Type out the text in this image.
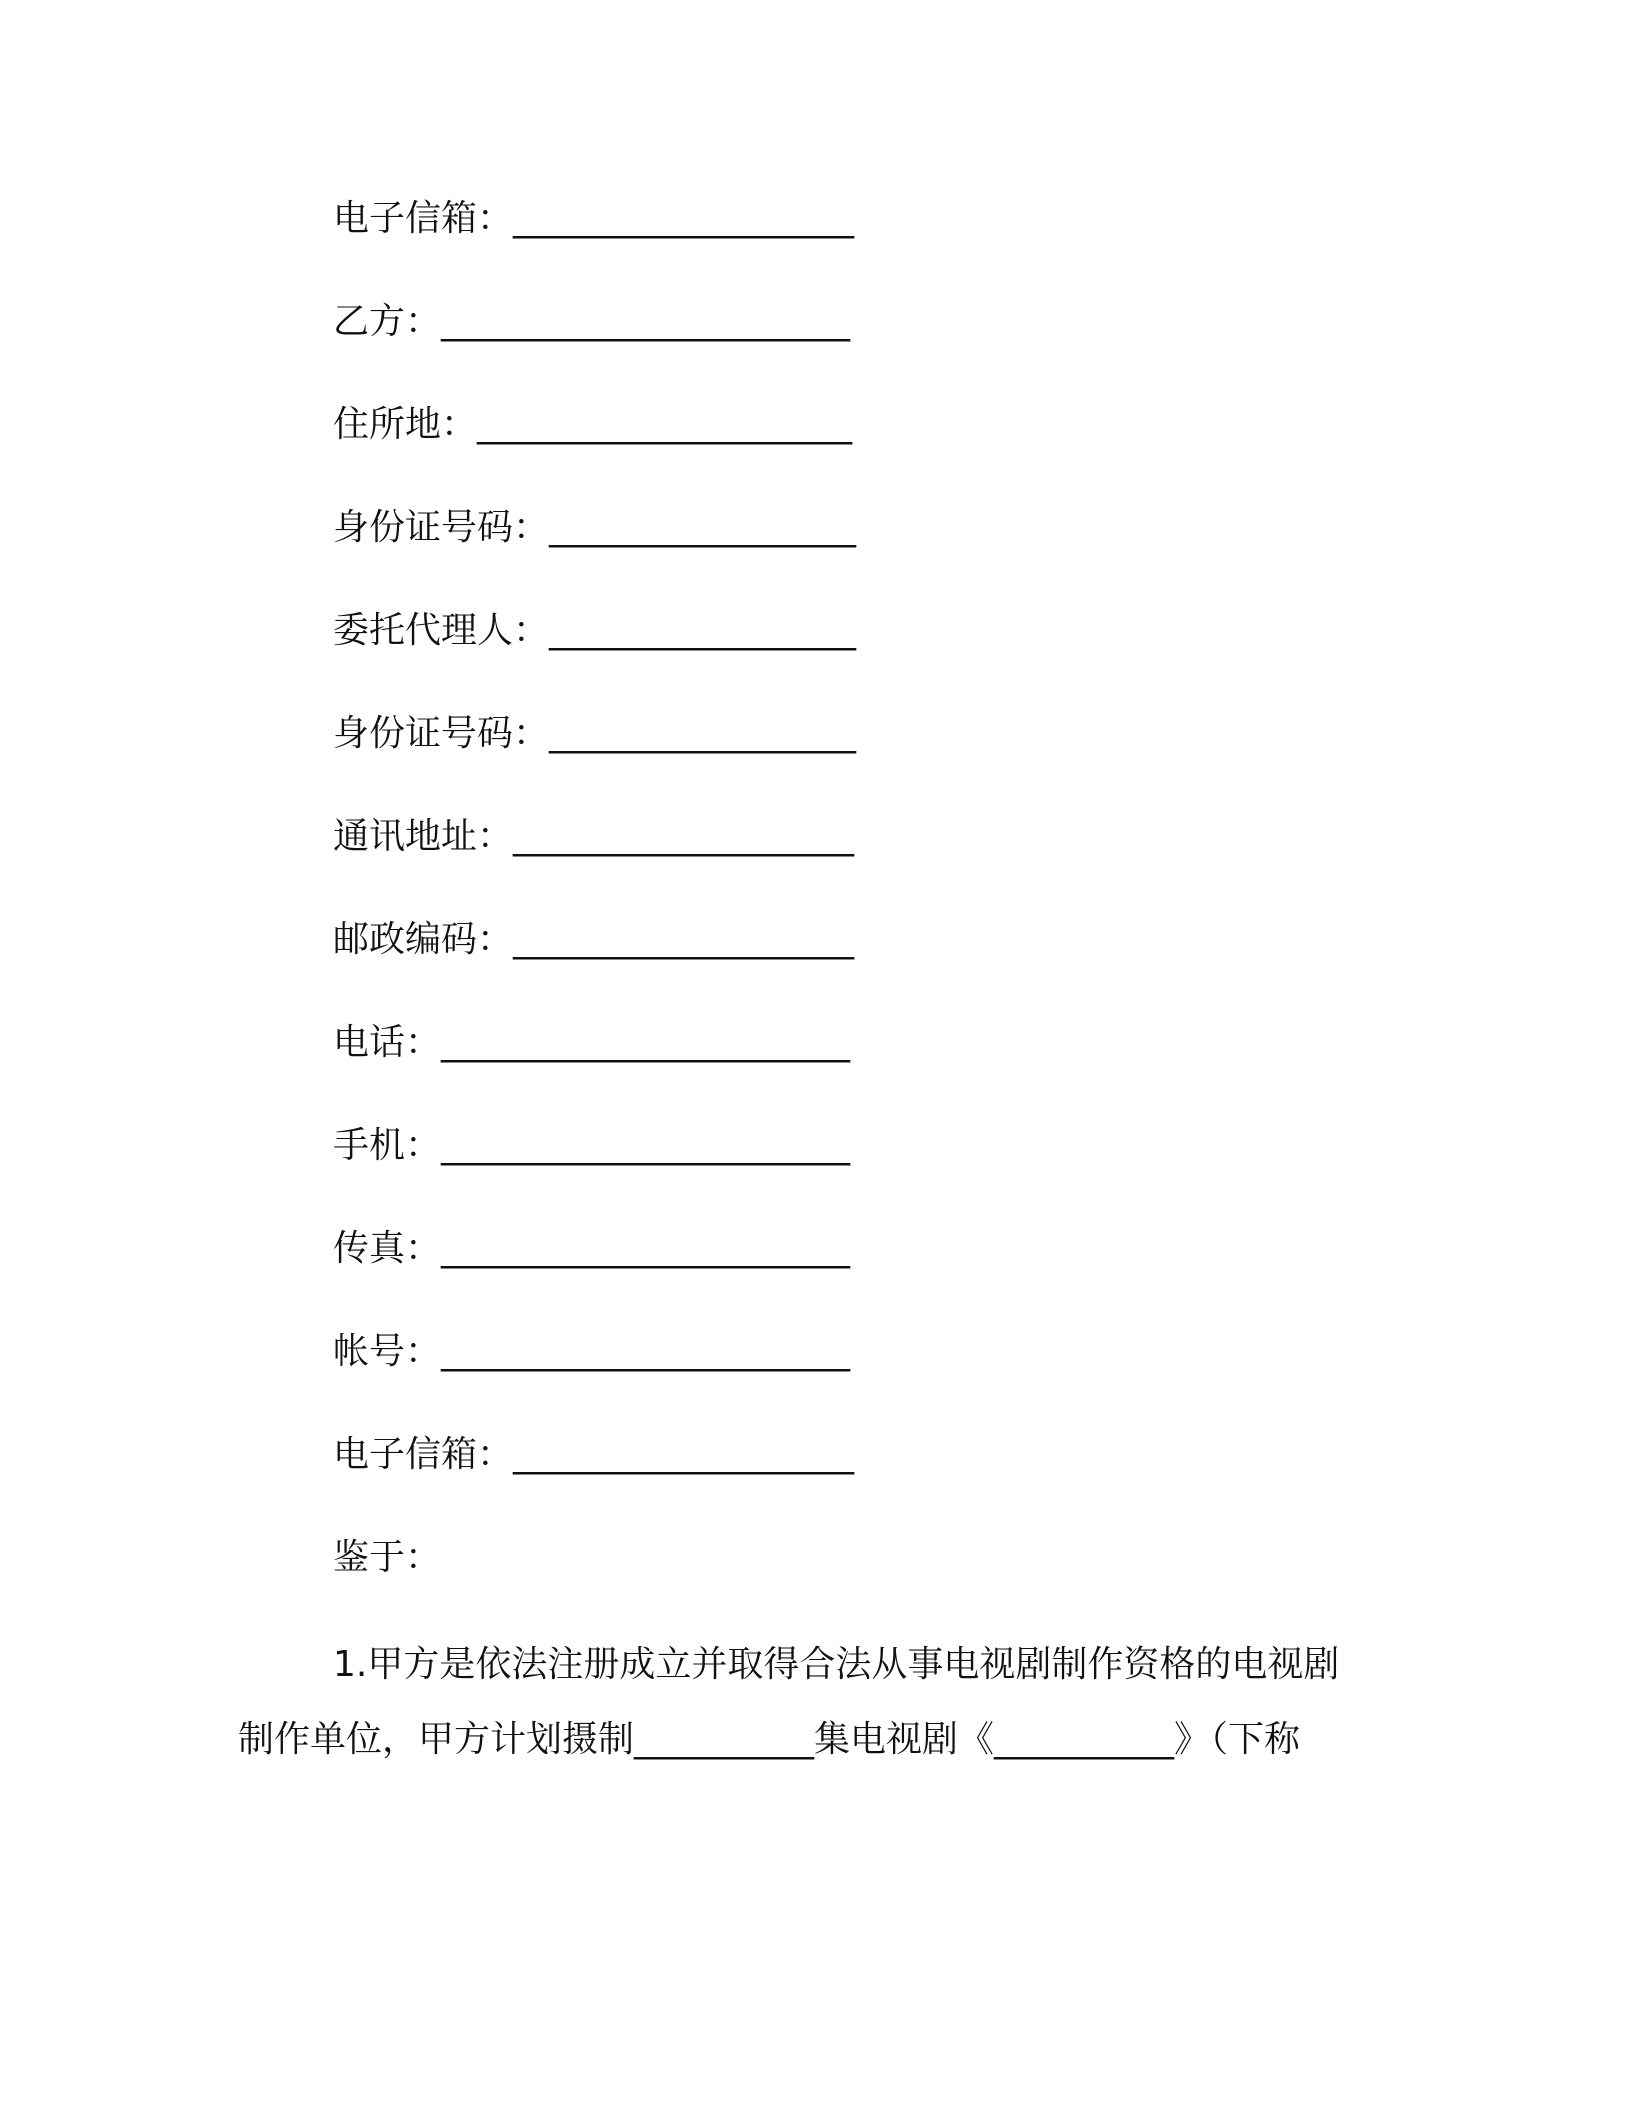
电子信箱：____________________
乙方：________________________
住所地：______________________
身份证号码：__________________
委托代理人：__________________
身份证号码：__________________
通讯地址：____________________
邮政编码：____________________
电话：________________________
手机：________________________
传真：________________________
帐号：________________________
电子信箱：____________________
鉴于：
1.甲方是依法注册成立并取得合法从事电视剧制作资格的电视剧
制作单位，甲方计划摄制__________集电视剧《__________》（下称
